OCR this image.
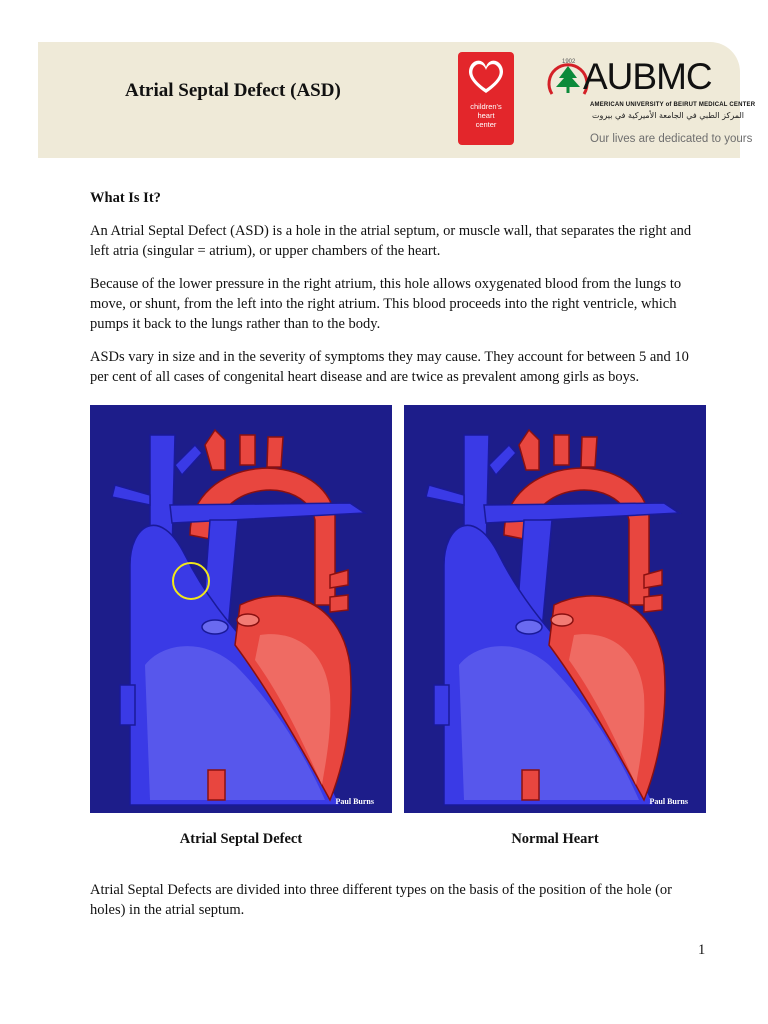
Atrial Septal Defect (ASD)
children's
heart
center
1902 AUBMC
AMERICAN UNIVERSITY of BEIRUT MEDICAL CENTER
المركز الطبي في الجامعة الأميركية في بيروت
Our lives are dedicated to yours
What Is It?

An Atrial Septal Defect (ASD) is a hole in the atrial septum, or muscle wall, that separates the right and left atria (singular = atrium), or upper chambers of the heart.

Because of the lower pressure in the right atrium, this hole allows oxygenated blood from the lungs to move, or shunt, from the left into the right atrium. This blood proceeds into the right ventricle, which pumps it back to the lungs rather than to the body.

ASDs vary in size and in the severity of symptoms they may cause. They account for between 5 and 10 per cent of all cases of congenital heart disease and are twice as prevalent among girls as boys.

Paul Burns	Paul Burns
Atrial Septal Defect	Normal Heart

Atrial Septal Defects are divided into three different types on the basis of the position of the hole (or holes) in the atrial septum.

1
